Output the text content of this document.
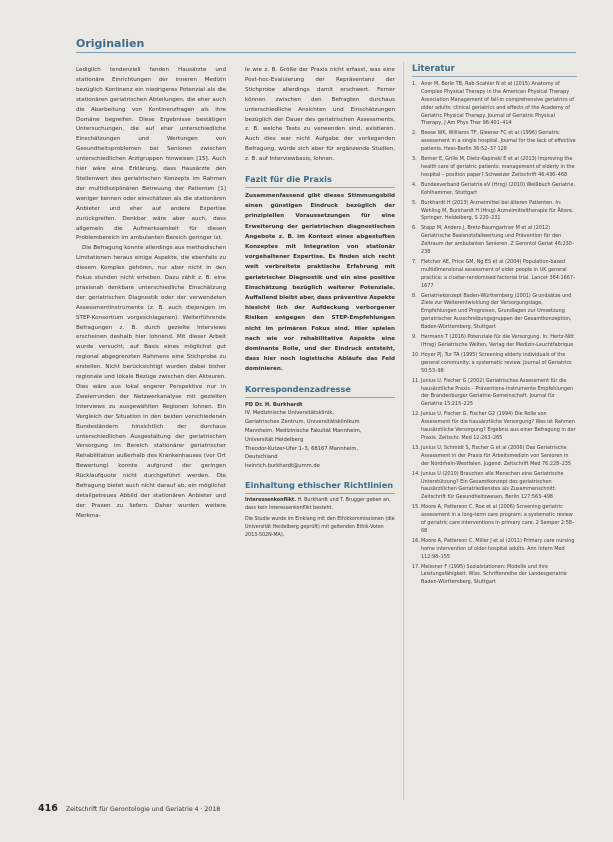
Originalien

Lediglich tendenziell fanden Hausärzte und stationäre Einrichtungen der inneren Medizin bezüglich Kontinenz ein niedrigeres Potenzial als die stationären geriatrischen Abteilungen, die eher auch die Abarbeitung von Kontinenzfragen als ihre Domäne begreifen. Diese Ergebnisse bestätigen Untersuchungen, die auf eher unterschiedliche Einschätzungen und Wertungen von Gesundheitsproblemen bei Senioren zwischen unterschiedlichen Arztgruppen hinweisen [15]. Auch hier wäre eine Erklärung, dass Hausärzte den Stellenwert des geriatrischen Konzepts im Rahmen der multidisziplinären Betreuung der Patienten [1] weniger kennen oder einschätzen als die stationären Anbieter und eher auf andere Expertise zurückgreifen. Denkbar wäre aber auch, dass allgemein die Aufmerksamkeit für diesen Problembereich im ambulanten Bereich geringer ist.

Die Befragung konnte allerdings aus methodischen Limitationen heraus einige Aspekte, die ebenfalls zu diesem Komplex gehören, nur aber nicht in den Fokus stunden nicht erheben. Dazu zählt z. B. eine praxisnah denkbare unterschiedliche Einschätzung der geriatrischen Diagnostik oder der verwendeten Assessmentinstrumente (z. B. auch diejenigen im STEP-Konsortium vorgeschlagenen). Weiterführende Befragungen z. B. durch gezielte Interviews erscheinen deshalb hier lohnend. Mit dieser Arbeit wurde versucht, auf Basis eines möglichst gut regional abgegrenzten Rahmens eine Stichprobe zu erstellen. Nicht berücksichtigt wurden dabei bisher regionale und lokale Bezüge zwischen den Akteuren. Dies wäre aus lokal engerer Perspektive nur in Zweierrunden der Netzwerkanalyse mit gezielten Interviews zu ausgewählten Regionen lohnen. Ein Vergleich der Situation in den beiden verschiedenen Bundesländern hinsichtlich der durchaus unterschiedlichen Ausgestaltung der geriatrischen Versorgung im Bereich stationärer geriatrischer Rehabilitation außerhalb des Krankenhauses (vor Ort Bewertung) konnte aufgrund der geringen Rücklaufquote nicht durchgeführt werden. Die Befragung bietet auch nicht darauf ab, ein möglichst detailgetreues Abbild der stationären Anbieter und der Praxen zu liefern. Daher wurden weitere Merkma-

le wie z. B. Größe der Praxis nicht erfasst, was eine Post-hoc-Evaluierung der Repräsentanz der Stichprobe allerdings damit erschwert. Ferner können zwischen den Befragten durchaus unterschiedliche Ansichten und Einschätzungen bezüglich der Dauer des geriatrischen Assessments, z. B. welche Tests zu verwenden sind, existieren. Auch dies war nicht Aufgabe der vorliegenden Befragung, würde sich aber für ergänzende Studien, z. B. auf Interviewbasis, lohnen.

Fazit für die Praxis

Zusammenfassend gibt dieses Stimmungsbild einen günstigen Eindruck bezüglich der prinzipiellen Voraussetzungen für eine Erweiterung der geriatrischen diagnostischen Angebote z. B. im Kontext eines abgestuften Konzeptes mit Integration von stationär vorgehaltener Expertise. Es finden sich recht weit verbreitete praktische Erfahrung mit geriatrischer Diagnostik und ein eine positive Einschätzung bezüglich weiterer Potenziale. Auffallend bleibt aber, dass präventive Aspekte hiesicht lich der Aufdeckung verborgener Risiken entgegen den STEP-Empfehlungen nicht im primären Fokus sind. Hier spielen nach wie vor rehabilitative Aspekte eine dominante Rolle, und der Eindruck entsteht, dass hier noch logistische Abläufe das Feld dominieren.

Korrespondenzadresse
PD Dr. H. Burkhardt
IV. Medizinische Universitätsklinik,
Geriatrisches Zentrum, Universitätsklinikum
Mannheim, Medizinische Fakultät Mannheim,
Universität Heidelberg
Theodor-Kutzer-Ufer 1–3, 68167 Mannheim,
Deutschland
heinrich.burkhardt@umm.de
Einhaltung ethischer Richtlinien

Interessenkonflikt. H. Burkhardt und T. Brugger geben an, dass kein Interessenkonflikt besteht.

Die Studie wurde im Einklang mit den Ethikkommissionen (die Universität Heidelberg geprüft) mit geltenden Ethik-Voten 2013-502N-MA).

Literatur
1. Anor M, Borle TB, Rab-Scahler N et al (2015) Anatomy of Complex Physical Therapy in the American Physical Therapy Association Management of fall-in comprehensive geriatrics of older adults: clinical geriatrics and effects of the Academy of Geriatric Physical Therapy. Journal of Geriatric Physical Therapy, J Am Phys Ther 96:401–414
2. Beese WK, Williams TF, Gleener FC et al (1996) Geriatric assessment in a single hospital. Joumal for the lack of effective patients. Hess-Berlin 36:52–37 128
3. Berner E, Grille M, Dietz-Kapinski E et al (2013) Improving the health care of geriatric patients: management of elderly in the hospital – position paper? Schweizer Zeitschrift 46:436–468
4. Bundesverband Geriatrie eV (Hrsg) (2010) Weißbuch Geriatrie. Kohlhammer, Stuttgart
5. Burkhardt H (2013) Arzneimittel bei älteren Patienten. In: Wehling M, Burkhardt H (Hrsg) Arzneimitteltherapie für Ältere. Springer, Heidelberg, S 220–231
6. Stapp M, Anders J, Bretz-Baumgartner M et al (2012) Geriatrische Basisnotsfallwertung und Prävention für den Zeitraum der ambulanten Senioren. Z Gerontol Geriat 46:230–238
7. Fletcher AE, Price GM, Ng ES et al (2004) Population-based multidimensional assessment of older people in UK general practice: a cluster-randomised factorial trial. Lancet 364:1667–1677
8. Geriatriekonzept Baden-Württemberg (2001) Grundsätze und Ziele zur Weiterentwicklung der Versorgungslage, Empfehlungen und Prognosen, Grundlagen zur Umsetzung geriatrischer Ausschreibungsgruppen der Gesamtkonzeption, Baden-Württemberg, Stuttgart
9. Hermann T (2016) Potenziale für die Versorgung. In: Hertz-Nitt (Hrsg) Geriatrische Welten, Verlag der Medizin-Leuchtfabrique
10. Hoyer PJ, Tur TA (1995) Screening elderly individuals of the general community: a systematic review. Journal of Geriatrics 50:53–98
11. Junius U, Fischer G (2002) Geriatrisches Assessment für die hausärztliche Praxis – Präventions-Instrumente Empfehlungen der Brandenburger Geriatrie-Gemeinschaft. Journal für Geriatrie 15:215–225
12. Junius U, Fischer G, Fischer G2 (1994) Die Rolle von Assessment für die hausärztliche Versorgung? Was ist Rahmen hausärztliche Versorgung? Ergebnis aus einer Befragung in der Praxis. Zeitschr. Med 12:263–265
13. Junius U, Schmidt S, Fischer G et al (2006) Das Geriatrische Assessment in der Praxis für Arbeitsmedizin von Senioren in der Nordrhein-Westfalen. Jugend. Zeitschrift Med 76:228–235
14. Junius U (2010) Brauchen alle Menschen eine Geriatrische Unterstützung? Ein Gesamtkonzept des geriatrischen hausärztlichen Geriatriedienstes als Zusammenschnitt. Zeitschrift für Gesundheitswesen, Berlin 127:563–498
15. Moore A, Patterson C, Roe et al (2006) Screening geriatric assessment in a long-term care program: a systematic review of geriatric care interventions in primary care. 2 Semper 2:58–68
16. Moore A, Patterson C, Miller J et al (2011) Primary care nursing home intervention of older hospital adults. Ann Intern Med 112:98–155
17. Meissner F (1995) Sozialstationen: Modelle und ihre Leistungsfähigkeit. Wiss. Schriftenreihe der Landesgeriatrie Baden-Württemberg, Stuttgart
416 Zeitschrift für Gerontologie und Geriatrie 4 · 2018
